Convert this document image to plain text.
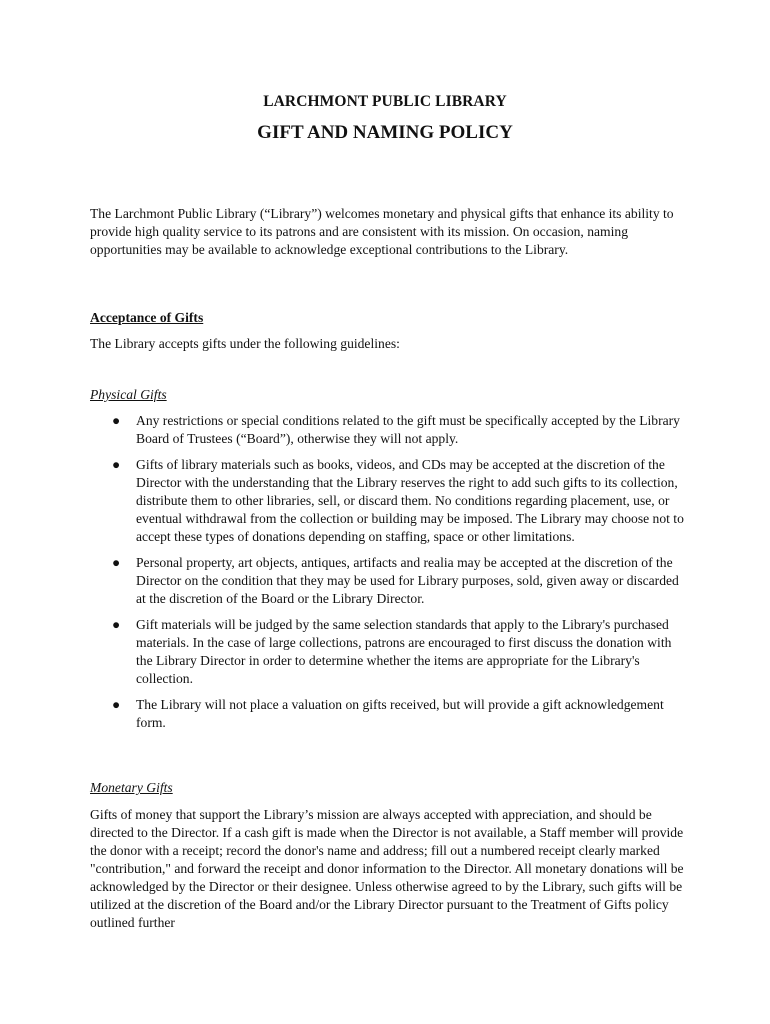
LARCHMONT PUBLIC LIBRARY
GIFT AND NAMING POLICY

The Larchmont Public Library (“Library”) welcomes monetary and physical gifts that enhance its ability to provide high quality service to its patrons and are consistent with its mission. On occasion, naming opportunities may be available to acknowledge exceptional contributions to the Library.

Acceptance of Gifts
The Library accepts gifts under the following guidelines:
Physical Gifts
● Any restrictions or special conditions related to the gift must be specifically accepted by the Library Board of Trustees (“Board”), otherwise they will not apply.
● Gifts of library materials such as books, videos, and CDs may be accepted at the discretion of the Director with the understanding that the Library reserves the right to add such gifts to its collection, distribute them to other libraries, sell, or discard them. No conditions regarding placement, use, or eventual withdrawal from the collection or building may be imposed. The Library may choose not to accept these types of donations depending on staffing, space or other limitations.
● Personal property, art objects, antiques, artifacts and realia may be accepted at the discretion of the Director on the condition that they may be used for Library purposes, sold, given away or discarded at the discretion of the Board or the Library Director.
● Gift materials will be judged by the same selection standards that apply to the Library's purchased materials. In the case of large collections, patrons are encouraged to first discuss the donation with the Library Director in order to determine whether the items are appropriate for the Library's collection.
● The Library will not place a valuation on gifts received, but will provide a gift acknowledgement form.
Monetary Gifts

Gifts of money that support the Library’s mission are always accepted with appreciation, and should be directed to the Director. If a cash gift is made when the Director is not available, a Staff member will provide the donor with a receipt; record the donor's name and address; fill out a numbered receipt clearly marked "contribution," and forward the receipt and donor information to the Director. All monetary donations will be acknowledged by the Director or their designee. Unless otherwise agreed to by the Library, such gifts will be utilized at the discretion of the Board and/or the Library Director pursuant to the Treatment of Gifts policy outlined further
